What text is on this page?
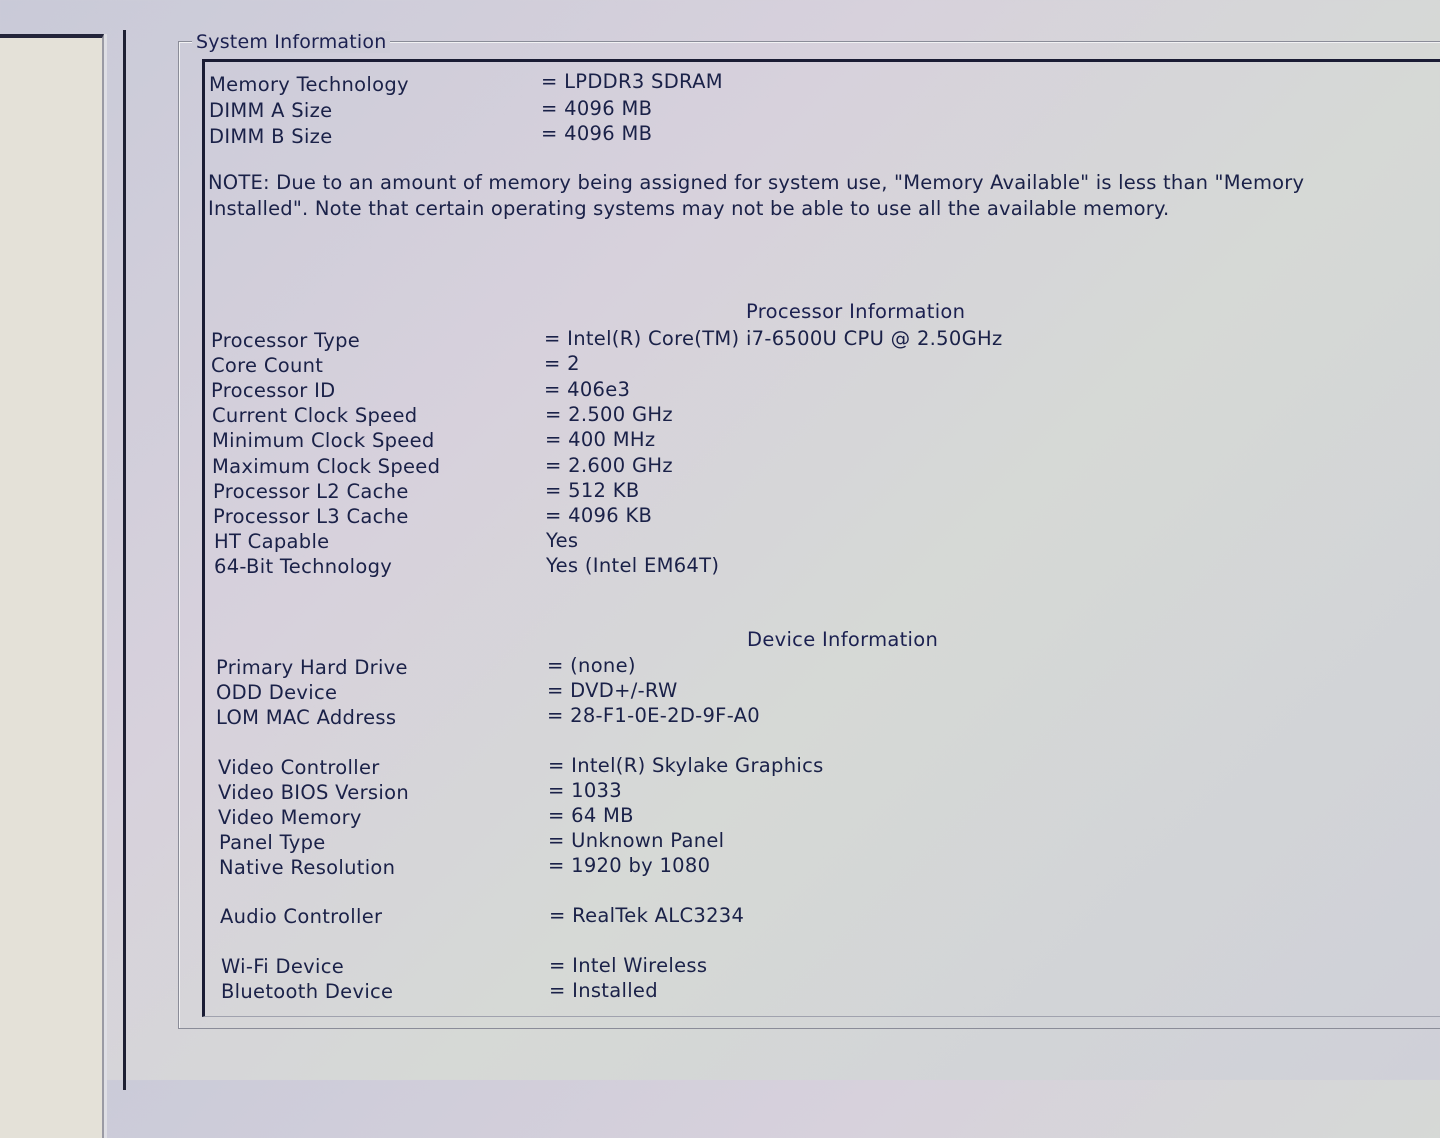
System Information
Memory Technology	= LPDDR3 SDRAM
DIMM A Size	= 4096 MB
DIMM B Size	= 4096 MB
NOTE: Due to an amount of memory being assigned for system use, "Memory Available" is less than "Memory Installed". Note that certain operating systems may not be able to use all the available memory.
Processor Information
Processor Type	= Intel(R) Core(TM) i7-6500U CPU @ 2.50GHz
Core Count	= 2
Processor ID	= 406e3
Current Clock Speed	= 2.500 GHz
Minimum Clock Speed	= 400 MHz
Maximum Clock Speed	= 2.600 GHz
Processor L2 Cache	= 512 KB
Processor L3 Cache	= 4096 KB
HT Capable	Yes
64-Bit Technology	Yes (Intel EM64T)
Device Information
Primary Hard Drive	= (none)
ODD Device	= DVD+/-RW
LOM MAC Address	= 28-F1-0E-2D-9F-A0
Video Controller	= Intel(R) Skylake Graphics
Video BIOS Version	= 1033
Video Memory	= 64 MB
Panel Type	= Unknown Panel
Native Resolution	= 1920 by 1080
Audio Controller	= RealTek ALC3234
Wi-Fi Device	= Intel Wireless
Bluetooth Device	= Installed
